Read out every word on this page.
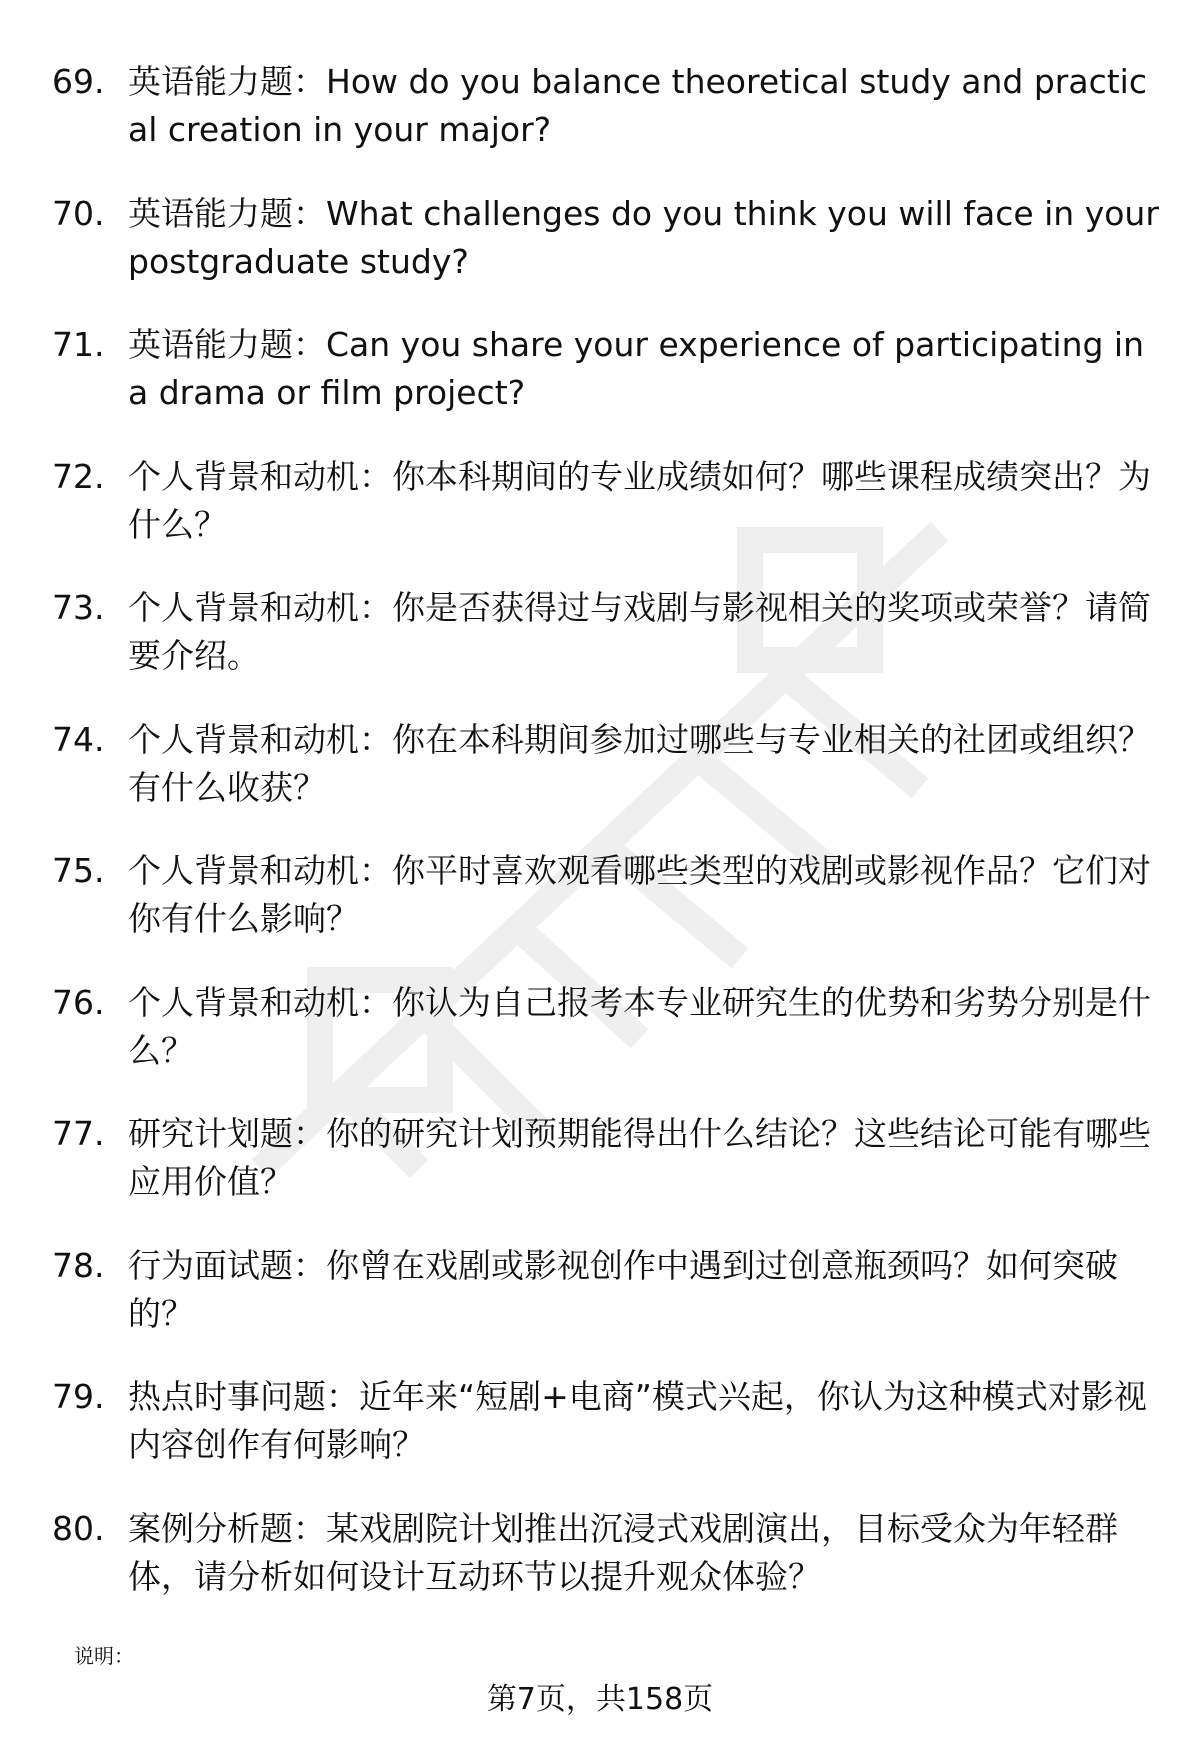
69. 英语能力题：How do you balance theoretical study and practical creation in your major?
70. 英语能力题：What challenges do you think you will face in your postgraduate study?
71. 英语能力题：Can you share your experience of participating in a drama or film project?
72. 个人背景和动机：你本科期间的专业成绩如何？哪些课程成绩突出？为什么？
73. 个人背景和动机：你是否获得过与戏剧与影视相关的奖项或荣誉？请简要介绍。
74. 个人背景和动机：你在本科期间参加过哪些与专业相关的社团或组织？有什么收获？
75. 个人背景和动机：你平时喜欢观看哪些类型的戏剧或影视作品？它们对你有什么影响？
76. 个人背景和动机：你认为自己报考本专业研究生的优势和劣势分别是什么？
77. 研究计划题：你的研究计划预期能得出什么结论？这些结论可能有哪些应用价值？
78. 行为面试题：你曾在戏剧或影视创作中遇到过创意瓶颈吗？如何突破的？
79. 热点时事问题：近年来“短剧+电商”模式兴起，你认为这种模式对影视内容创作有何影响？
80. 案例分析题：某戏剧院计划推出沉浸式戏剧演出，目标受众为年轻群体，请分析如何设计互动环节以提升观众体验？
说明：
第7页，共158页
